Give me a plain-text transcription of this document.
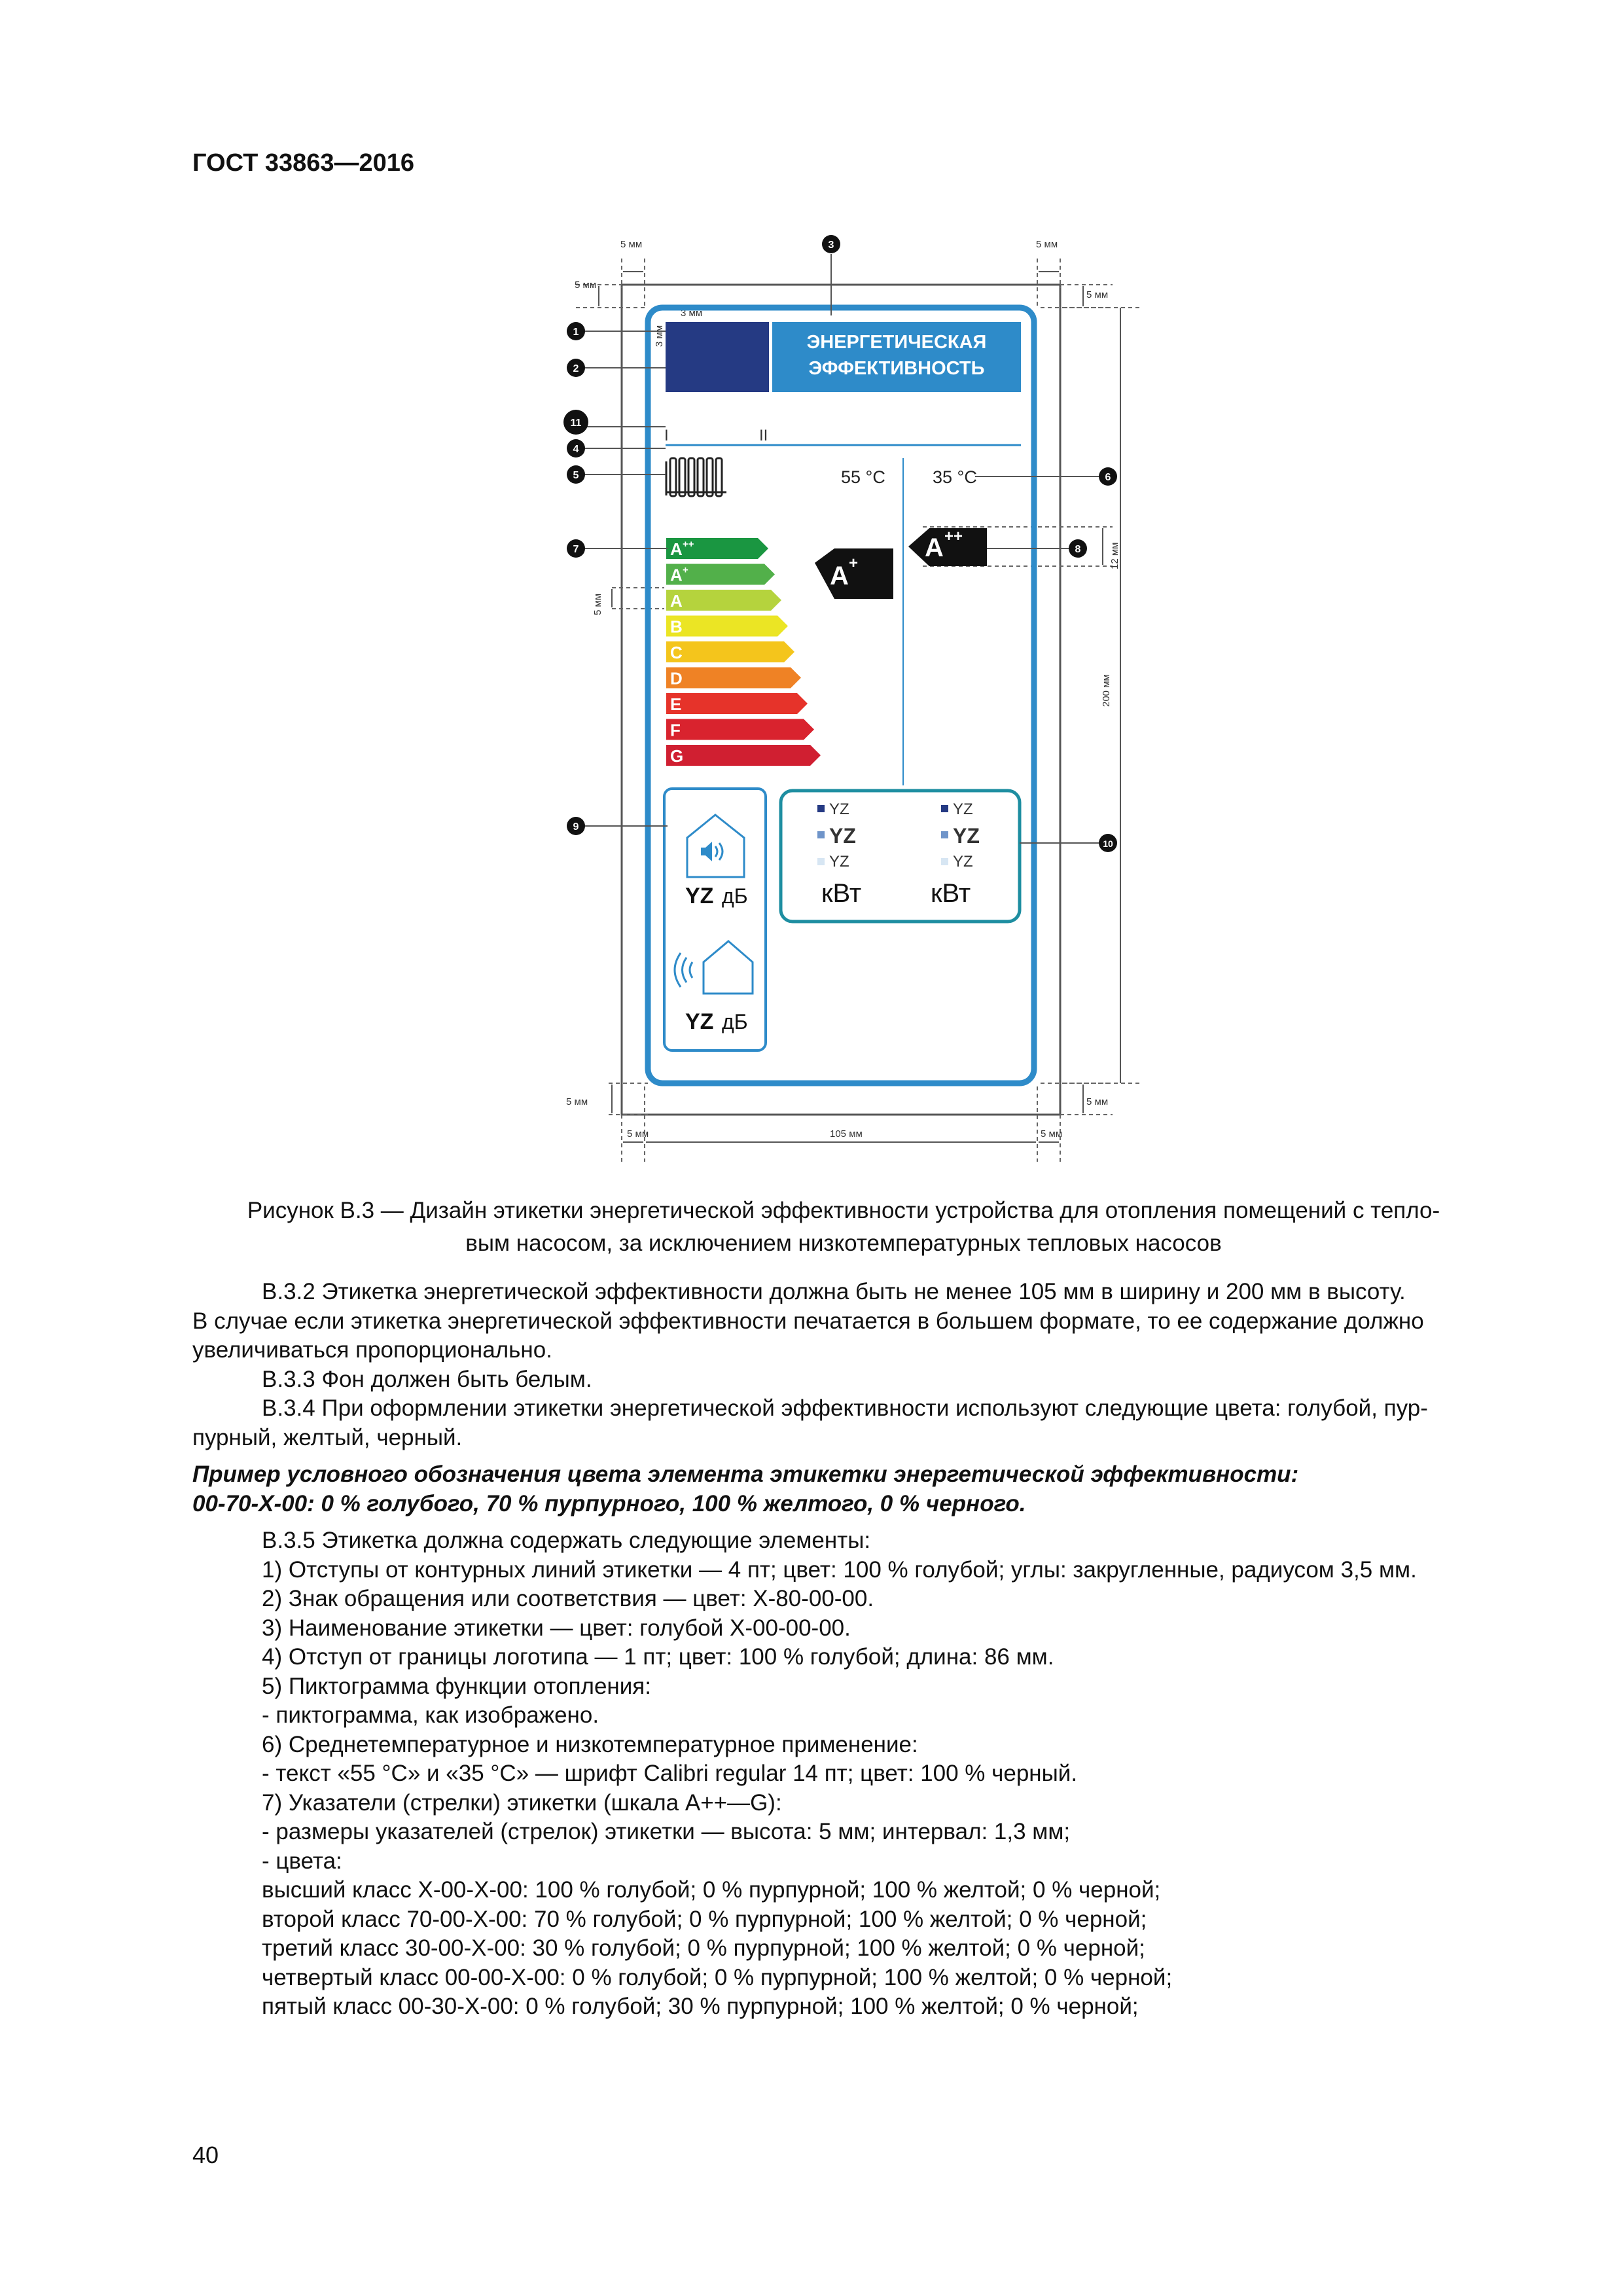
ГОСТ 33863—2016
5 мм	5 мм
5 мм
5 мм
3 мм
3 мм
5 мм
12 мм
200 мм
5 мм	5 мм
5 мм	105 мм	5 мм
ЭНЕРГЕТИЧЕСКАЯ
ЭФФЕКТИВНОСТЬ
I	II
55 °С	35 °С
A ++
A +
A
B
C
D
E
F
G
A +
A ++
YZ дБ
YZ дБ
YZ
YZ
YZ
кВт
YZ
YZ
YZ
кВт
1
2
3
4
5	6
7	8
9
10
11
Рисунок В.3 — Дизайн этикетки энергетической эффективности устройства для отопления помещений с тепло-
вым насосом, за исключением низкотемпературных тепловых насосов

В.3.2 Этикетка энергетической эффективности должна быть не менее 105 мм в ширину и 200 мм в высоту.

В случае если этикетка энергетической эффективности печатается в большем формате, то ее содержание должно

увеличиваться пропорционально.

В.3.3 Фон должен быть белым.

В.3.4 При оформлении этикетки энергетической эффективности используют следующие цвета: голубой, пур-

пурный, желтый, черный.

Пример условного обозначения цвета элемента этикетки энергетической эффективности:

00-70-Х-00: 0 % голубого, 70 % пурпурного, 100 % желтого, 0 % черного.

В.3.5 Этикетка должна содержать следующие элементы:

1) Отступы от контурных линий этикетки — 4 пт; цвет: 100 % голубой; углы: закругленные, радиусом 3,5 мм.

2) Знак обращения или соответствия — цвет: Х-80-00-00.

3) Наименование этикетки — цвет: голубой Х-00-00-00.

4) Отступ от границы логотипа — 1 пт; цвет: 100 % голубой; длина: 86 мм.

5) Пиктограмма функции отопления:

- пиктограмма, как изображено.

6) Среднетемпературное и низкотемпературное применение:

- текст «55 °С» и «35 °С» — шрифт Calibri regular 14 пт; цвет: 100 % черный.

7) Указатели (стрелки) этикетки (шкала А++—G):

- размеры указателей (стрелок) этикетки — высота: 5 мм; интервал: 1,3 мм;

- цвета:

высший класс Х-00-Х-00: 100 % голубой; 0 % пурпурной; 100 % желтой; 0 % черной;

второй класс 70-00-Х-00: 70 % голубой; 0 % пурпурной; 100 % желтой; 0 % черной;

третий класс 30-00-Х-00: 30 % голубой; 0 % пурпурной; 100 % желтой; 0 % черной;

четвертый класс 00-00-Х-00: 0 % голубой; 0 % пурпурной; 100 % желтой; 0 % черной;

пятый класс 00-30-Х-00: 0 % голубой; 30 % пурпурной; 100 % желтой; 0 % черной;

40
